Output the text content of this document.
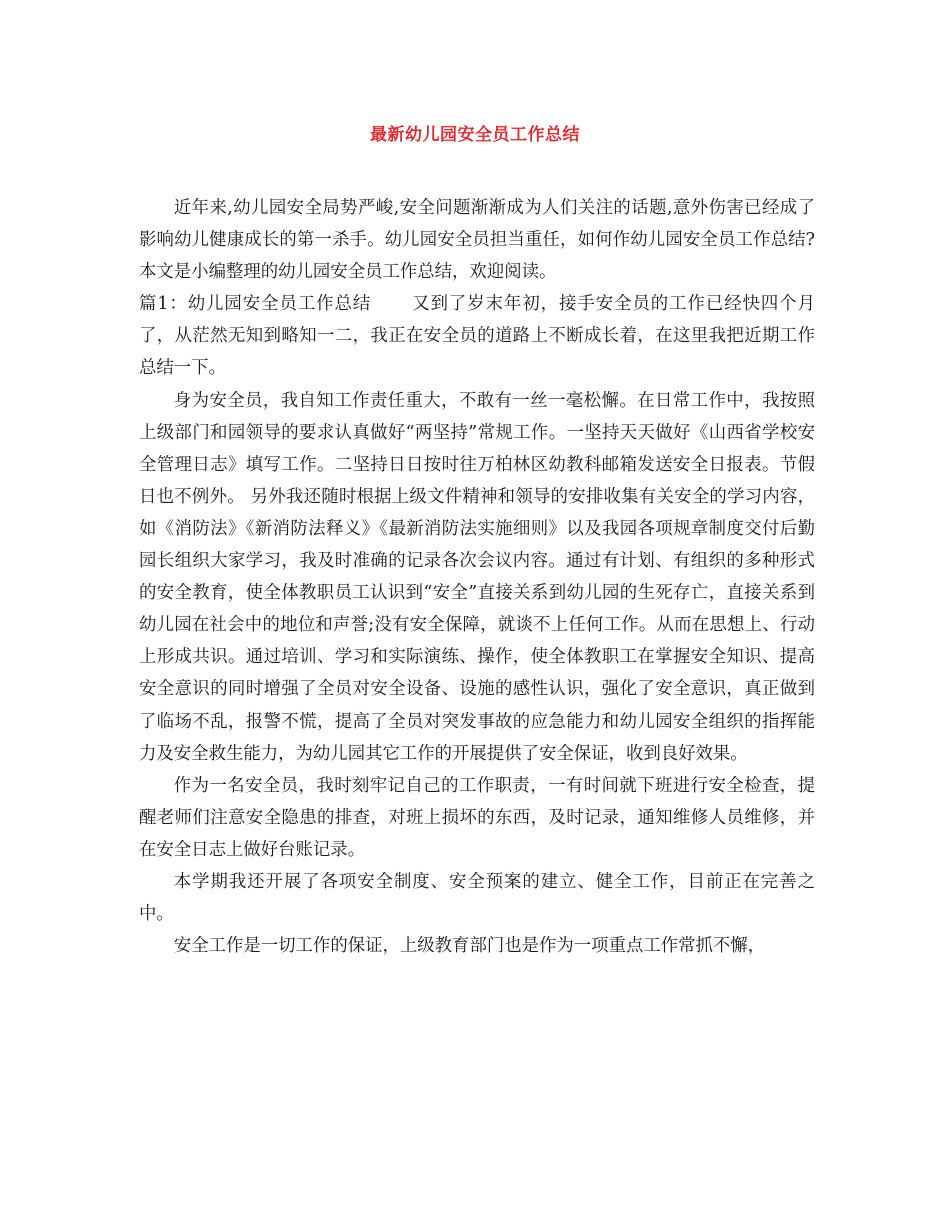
最新幼儿园安全员工作总结

近年来,幼儿园安全局势严峻,安全问题渐渐成为人们关注的话题,意外伤害已经成了影响幼儿健康成长的第一杀手。幼儿园安全员担当重任，如何作幼儿园安全员工作总结?本文是小编整理的幼儿园安全员工作总结，欢迎阅读。

篇1：幼儿园安全员工作总结 又到了岁末年初，接手安全员的工作已经快四个月了，从茫然无知到略知一二，我正在安全员的道路上不断成长着，在这里我把近期工作总结一下。

身为安全员，我自知工作责任重大，不敢有一丝一毫松懈。在日常工作中，我按照上级部门和园领导的要求认真做好“两坚持”常规工作。一坚持天天做好《山西省学校安全管理日志》填写工作。二坚持日日按时往万柏林区幼教科邮箱发送安全日报表。节假日也不例外。 另外我还随时根据上级文件精神和领导的安排收集有关安全的学习内容，如《消防法》《新消防法释义》《最新消防法实施细则》以及我园各项规章制度交付后勤园长组织大家学习，我及时准确的记录各次会议内容。通过有计划、有组织的多种形式的安全教育，使全体教职员工认识到“安全”直接关系到幼儿园的生死存亡，直接关系到幼儿园在社会中的地位和声誉;没有安全保障，就谈不上任何工作。从而在思想上、行动上形成共识。通过培训、学习和实际演练、操作，使全体教职工在掌握安全知识、提高安全意识的同时增强了全员对安全设备、设施的感性认识，强化了安全意识，真正做到了临场不乱，报警不慌，提高了全员对突发事故的应急能力和幼儿园安全组织的指挥能力及安全救生能力，为幼儿园其它工作的开展提供了安全保证，收到良好效果。

作为一名安全员，我时刻牢记自己的工作职责，一有时间就下班进行安全检查，提醒老师们注意安全隐患的排查，对班上损坏的东西，及时记录，通知维修人员维修，并在安全日志上做好台账记录。

本学期我还开展了各项安全制度、安全预案的建立、健全工作，目前正在完善之中。

安全工作是一切工作的保证，上级教育部门也是作为一项重点工作常抓不懈，
